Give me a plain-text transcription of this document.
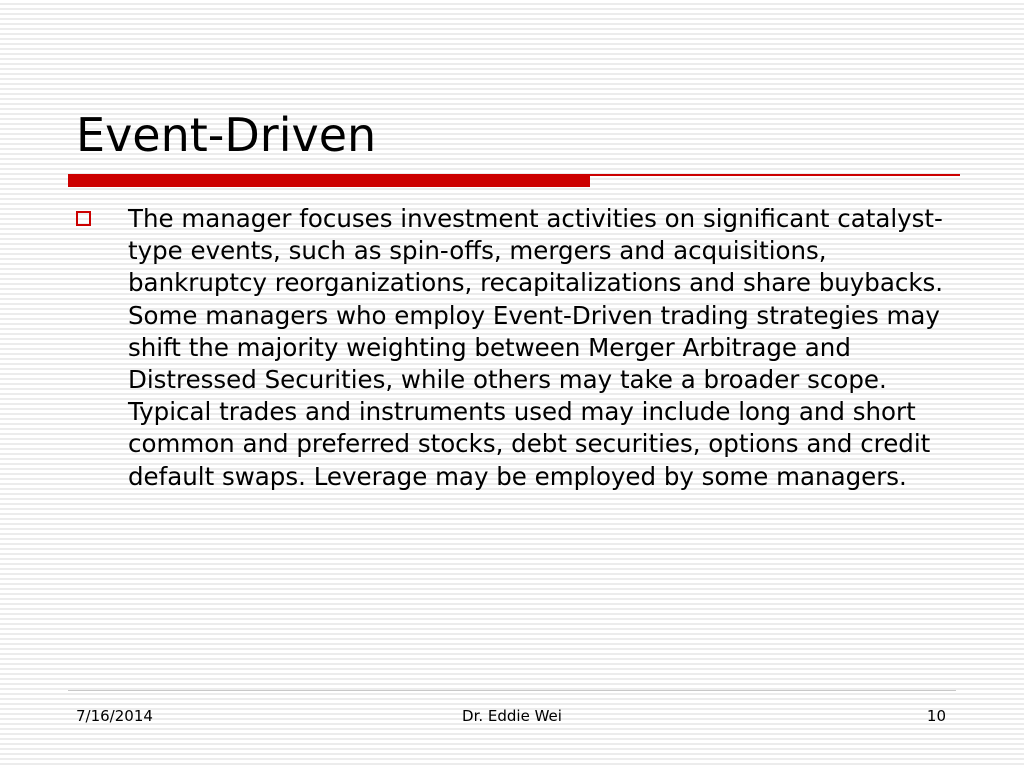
Event-Driven
The manager focuses investment activities on significant catalyst-type events, such as spin-offs, mergers and acquisitions, bankruptcy reorganizations, recapitalizations and share buybacks. Some managers who employ Event-Driven trading strategies may shift the majority weighting between Merger Arbitrage and Distressed Securities, while others may take a broader scope. Typical trades and instruments used may include long and short common and preferred stocks, debt securities, options and credit default swaps. Leverage may be employed by some managers.
7/16/2014	Dr. Eddie Wei	10
